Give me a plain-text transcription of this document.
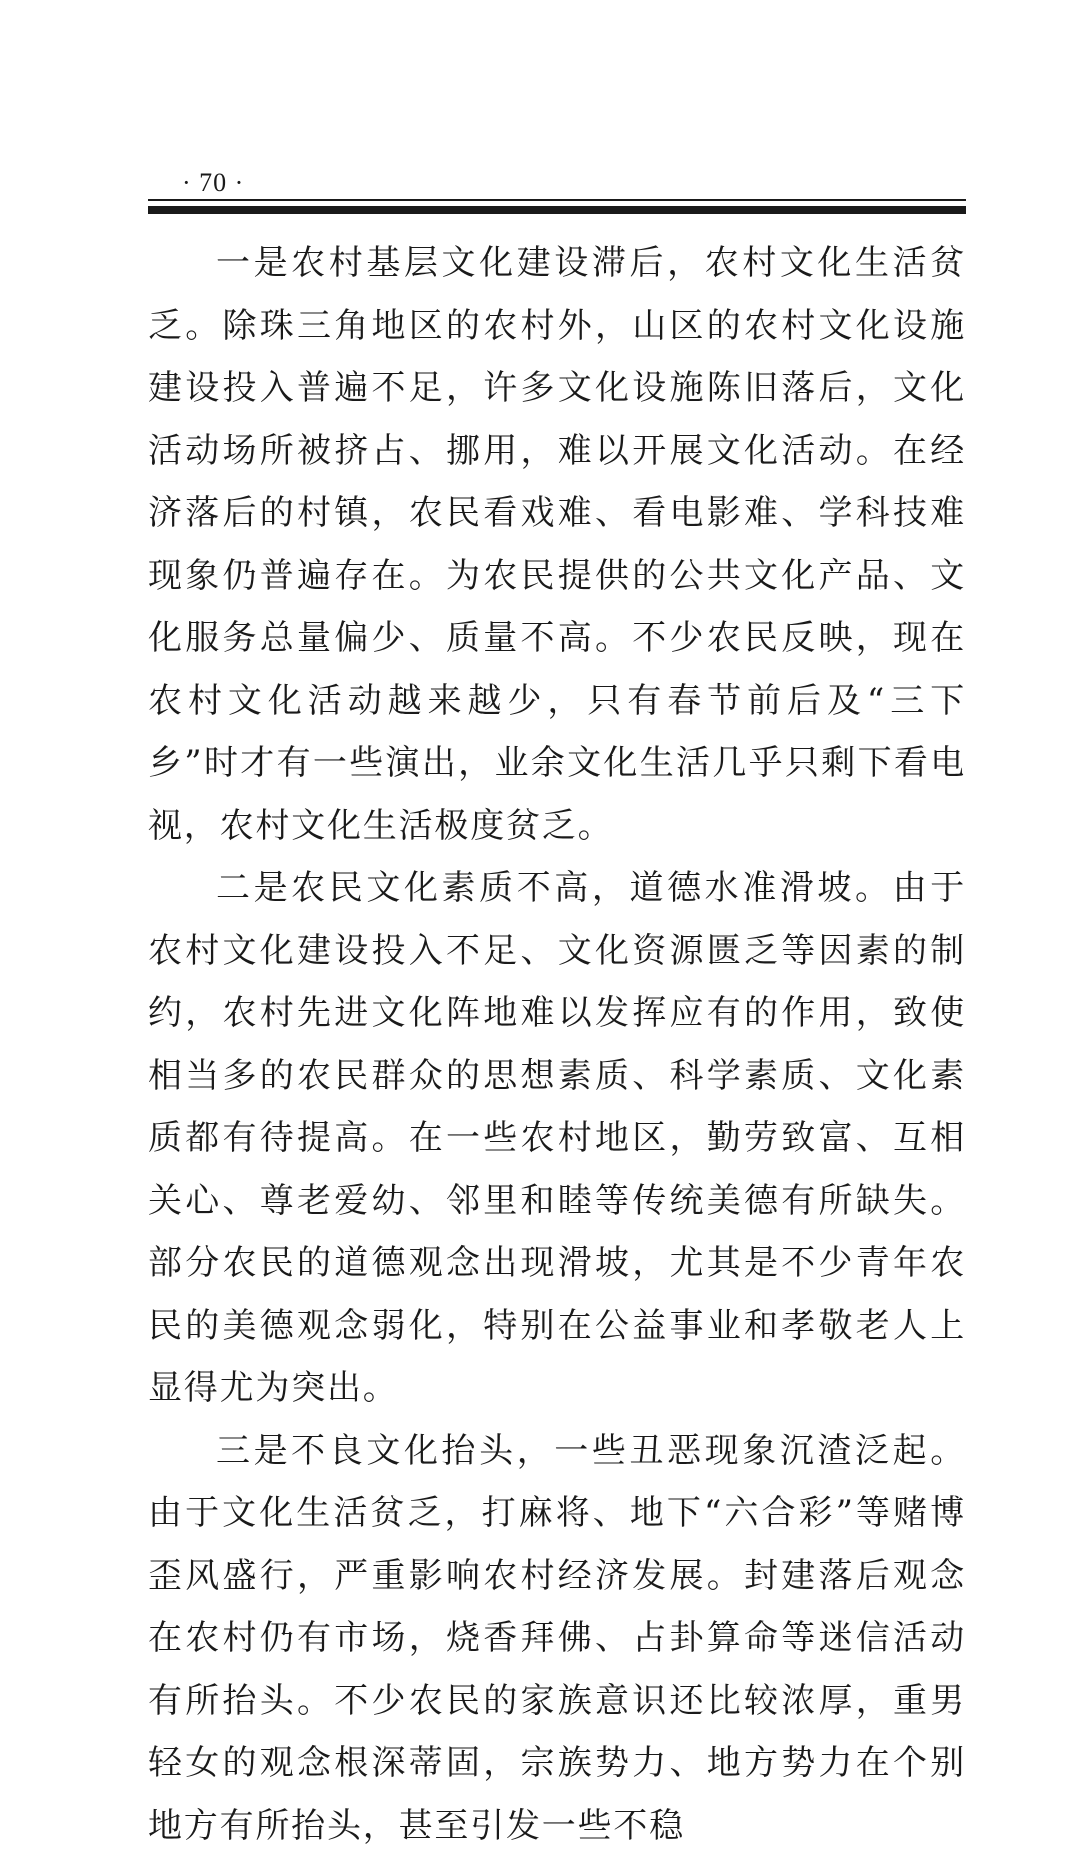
· 70 ·

一是农村基层文化建设滞后，农村文化生活贫乏。除珠三角地区的农村外，山区的农村文化设施建设投入普遍不足，许多文化设施陈旧落后，文化活动场所被挤占、挪用，难以开展文化活动。在经济落后的村镇，农民看戏难、看电影难、学科技难现象仍普遍存在。为农民提供的公共文化产品、文化服务总量偏少、质量不高。不少农民反映，现在农村文化活动越来越少，只有春节前后及“三下乡”时才有一些演出，业余文化生活几乎只剩下看电视，农村文化生活极度贫乏。

二是农民文化素质不高，道德水准滑坡。由于农村文化建设投入不足、文化资源匮乏等因素的制约，农村先进文化阵地难以发挥应有的作用，致使相当多的农民群众的思想素质、科学素质、文化素质都有待提高。在一些农村地区，勤劳致富、互相关心、尊老爱幼、邻里和睦等传统美德有所缺失。部分农民的道德观念出现滑坡，尤其是不少青年农民的美德观念弱化，特别在公益事业和孝敬老人上显得尤为突出。

三是不良文化抬头，一些丑恶现象沉渣泛起。由于文化生活贫乏，打麻将、地下“六合彩”等赌博歪风盛行，严重影响农村经济发展。封建落后观念在农村仍有市场，烧香拜佛、占卦算命等迷信活动有所抬头。不少农民的家族意识还比较浓厚，重男轻女的观念根深蒂固，宗族势力、地方势力在个别地方有所抬头，甚至引发一些不稳
